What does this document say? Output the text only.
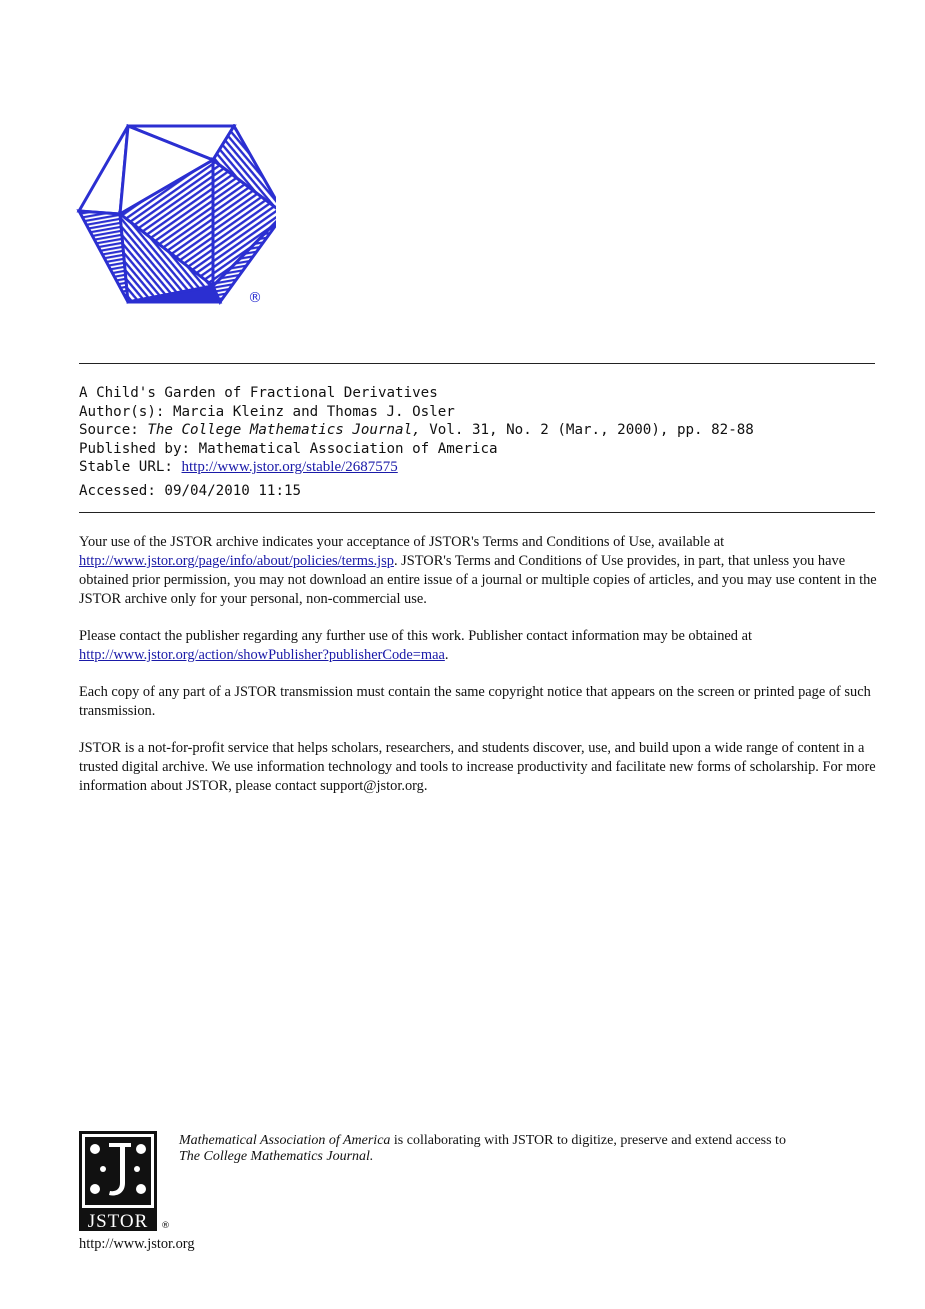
®
A Child's Garden of Fractional Derivatives
Author(s): Marcia Kleinz and Thomas J. Osler
Source: The College Mathematics Journal, Vol. 31, No. 2 (Mar., 2000), pp. 82-88
Published by: Mathematical Association of America
Stable URL: http://www.jstor.org/stable/2687575
Accessed: 09/04/2010 11:15

Your use of the JSTOR archive indicates your acceptance of JSTOR's Terms and Conditions of Use, available at
http://www.jstor.org/page/info/about/policies/terms.jsp. JSTOR's Terms and Conditions of Use provides, in part, that unless you have obtained prior permission, you may not download an entire issue of a journal or multiple copies of articles, and you may use content in the JSTOR archive only for your personal, non-commercial use.

Please contact the publisher regarding any further use of this work. Publisher contact information may be obtained at
http://www.jstor.org/action/showPublisher?publisherCode=maa.

Each copy of any part of a JSTOR transmission must contain the same copyright notice that appears on the screen or printed page of such transmission.

JSTOR is a not-for-profit service that helps scholars, researchers, and students discover, use, and build upon a wide range of content in a trusted digital archive. We use information technology and tools to increase productivity and facilitate new forms of scholarship. For more information about JSTOR, please contact support@jstor.org.

JSTOR ®
Mathematical Association of America is collaborating with JSTOR to digitize, preserve and extend access to
The College Mathematics Journal.
http://www.jstor.org
